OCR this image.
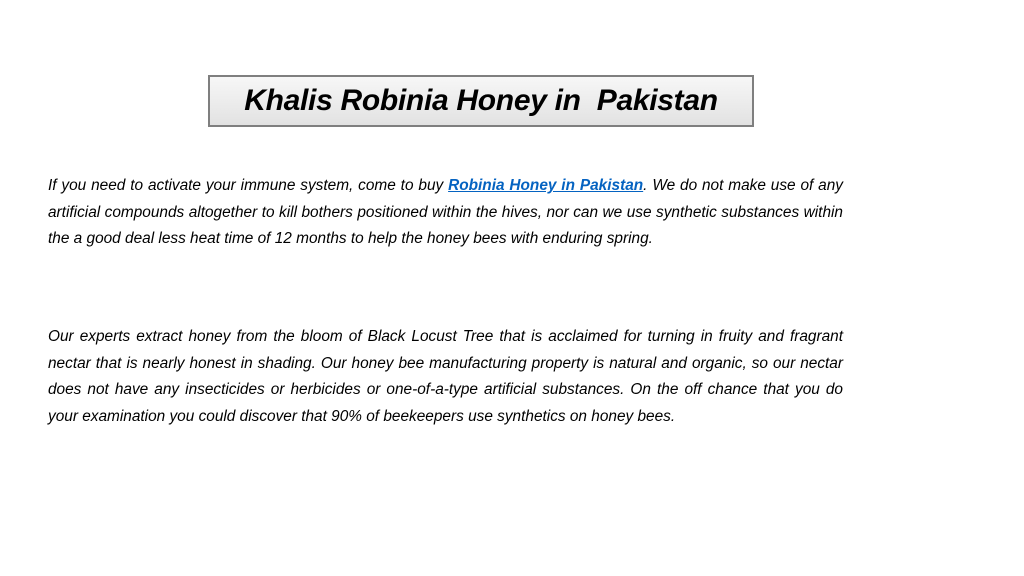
Khalis Robinia Honey in  Pakistan

If you need to activate your immune system, come to buy Robinia Honey in Pakistan. We do not make use of any artificial compounds altogether to kill bothers positioned within the hives, nor can we use synthetic substances within the a good deal less heat time of 12 months to help the honey bees with enduring spring.

Our experts extract honey from the bloom of Black Locust Tree that is acclaimed for turning in fruity and fragrant nectar that is nearly honest in shading. Our honey bee manufacturing property is natural and organic, so our nectar does not have any insecticides or herbicides or one-of-a-type artificial substances. On the off chance that you do your examination you could discover that 90% of beekeepers use synthetics on honey bees.
